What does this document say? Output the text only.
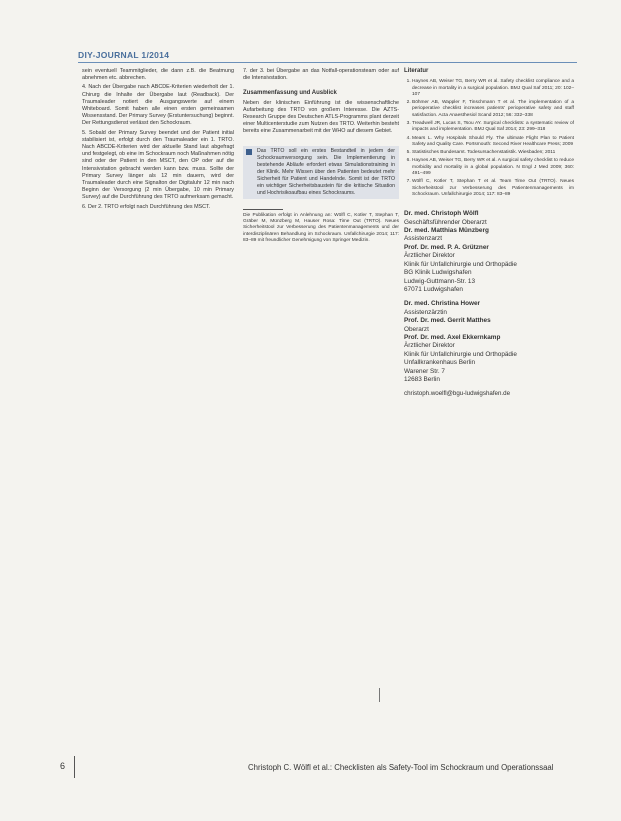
DIY-JOURNAL 1/2014

sein eventuell Teammitglieder, die dann z.B. die Beatmung abnehmen etc. abbrechen.

4. Nach der Übergabe nach ABCDE-Kriterien wiederholt der 1. Chirurg die Inhalte der Übergabe laut (Readback). Der Traumaleader notiert die Ausgangswerte auf einem Whiteboard. Somit haben alle einen ersten gemeinsamen Wissensstand. Der Primary Survey (Erstuntersuchung) beginnt. Der Rettungsdienst verlässt den Schockraum.

5. Sobald der Primary Survey beendet und der Patient initial stabilisiert ist, erfolgt durch den Traumaleader ein 1. TRTO. Nach ABCDE-Kriterien wird der aktuelle Stand laut abgefragt und festgelegt, ob eine im Schockraum noch Maßnahmen nötig sind oder der Patient in den MSCT, den OP oder auf die Intensivstation gebracht werden kann bzw. muss. Sollte der Primary Survey länger als 12 min dauern, wird der Traumaleader durch eine Signalton der Digitaluhr 12 min nach Beginn der Versorgung (2 min Übergabe, 10 min Primary Survey) auf die Durchführung des TRTO aufmerksam gemacht.

6. Der 2. TRTO erfolgt nach Durchführung des MSCT.

7. der 3. bei Übergabe an das Notfall-operationsteam oder auf die Intensivstation.

Zusammenfassung und Ausblick

Neben der klinischen Einführung ist die wissenschaftliche Aufarbeitung des TRTO von großem Interesse. Die AZTS-Research Gruppe des Deutschen ATLS-Programms plant derzeit einer Multicenterstudie zum Nutzen des TRTO. Weiterhin besteht bereits eine Zusammenarbeit mit der WHO auf diesem Gebiet.

Das TRTO soll ein erstes Bestandteil in jedem der Schockraumversorgung sein. Die Implementierung in bestehende Abläufe erfordert etwas Simulationstraining in der Klinik. Mehr Wissen über den Patienten bedeutet mehr Sicherheit für Patient und Handelnde. Somit ist der TRTO ein wichtiger Sicherheitsbaustein für die kritische Situation und Hochrisikoaufbau eines Schockraums.
Die Publikation erfolgt in Anlehnung an: Wölfl C, Kotler T, Stephan T, Gräber M, Münzberg M, Hauser Rosa: Time Out (TRTO). Neues Sicherheitstool zur Verbesserung des Patientenmanagements und der interdisziplinären Behandlung im Schockraum. Unfallchirurgie 2014; 117: 83–89 mit freundlicher Genehmigung von Springer Medizin.
Literatur
1. Haynes AB, Weiser TG, Berry WR et al. Safety checklist compliance and a decrease in mortality in a surgical population. BMJ Qual Saf 2011; 20: 102–107
2. Böhmer AB, Wappler F, Tinschmann T et al. The implementation of a perioperative checklist increases patients' perioperative safety and staff satisfaction. Acta Anaesthesiol Scand 2012; 56: 332–338
3. Treadwell JR, Lucas S, Tsou AY. Surgical checklists: a systematic review of impacts and implementation. BMJ Qual Saf 2014; 23: 299–318
4. Mears L. Why Hospitals Should Fly. The ultimate Flight Plan to Patient Safety and Quality Care. Portsmouth: Second River Healthcare Press; 2009
5. Statistisches Bundesamt. Todesursachenstatistik. Wiesbaden; 2011
6. Haynes AB, Weiser TG, Berry WR et al. A surgical safety checklist to reduce morbidity and mortality in a global population. N Engl J Med 2009; 360: 491–499
7. Wölfl C, Kotler T, Stephan T et al. Team Time Out (TRTO). Neues Sicherheitstool zur Verbesserung des Patientenmanagements im Schockraum. Unfallchirurgie 2014; 117: 83–89
Dr. med. Christoph Wölfl
Geschäftsführender Oberarzt
Dr. med. Matthias Münzberg
Assistenzarzt
Prof. Dr. med. P. A. Grützner
Ärztlicher Direktor
Klinik für Unfallchirurgie und Orthopädie
BG Klinik Ludwigshafen
Ludwig-Guttmann-Str. 13
67071 Ludwigshafen
Dr. med. Christina Hower
Assistenzärztin
Prof. Dr. med. Gerrit Matthes
Oberarzt
Prof. Dr. med. Axel Ekkernkamp
Ärztlicher Direktor
Klinik für Unfallchirurgie und Orthopädie
Unfallkrankenhaus Berlin
Warener Str. 7
12683 Berlin
christoph.woelfl@bgu-ludwigshafen.de
6	Christoph C. Wölfl et al.: Checklisten als Safety-Tool im Schockraum und Operationssaal
